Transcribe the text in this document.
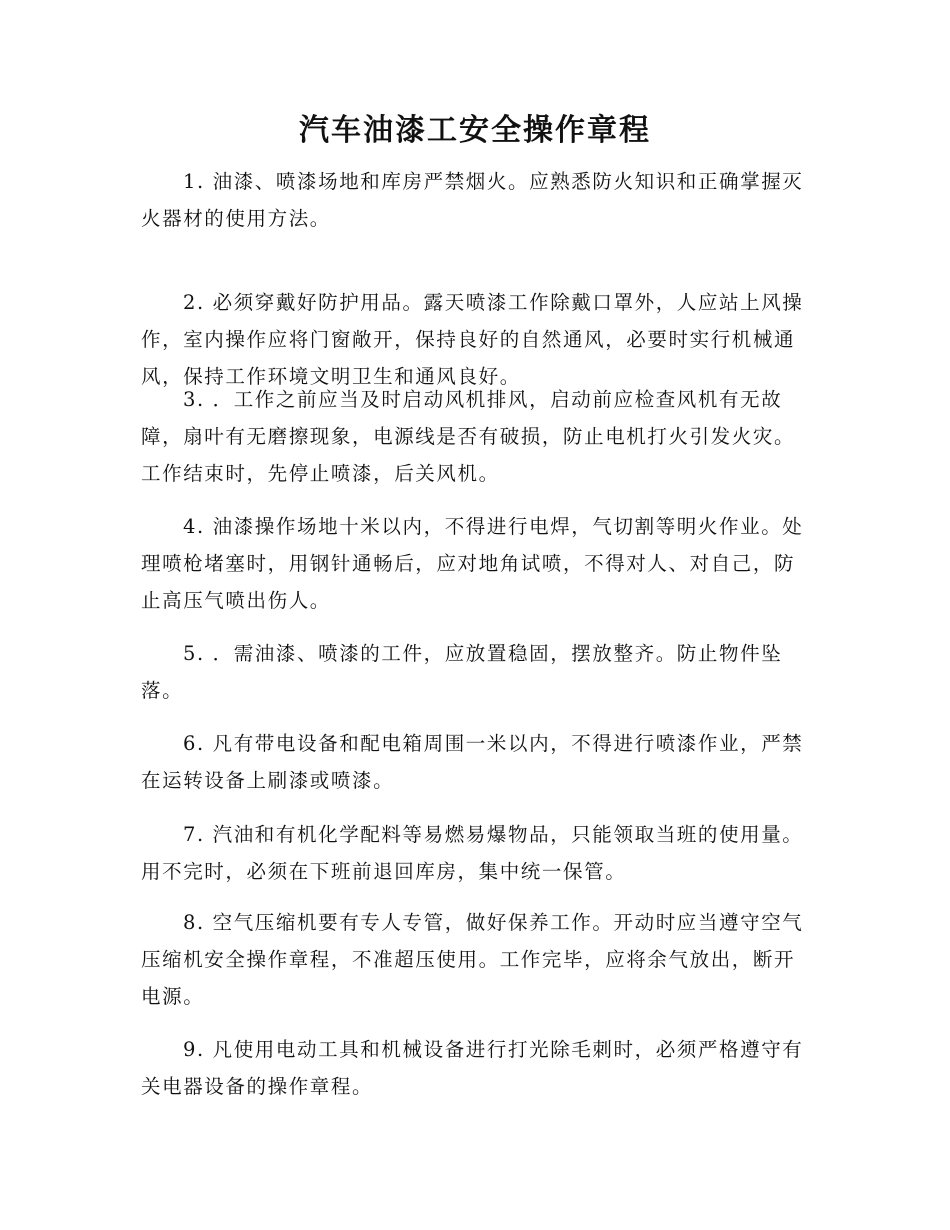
汽车油漆工安全操作章程

1. 油漆、喷漆场地和库房严禁烟火。应熟悉防火知识和正确掌握灭火器材的使用方法。

2. 必须穿戴好防护用品。露天喷漆工作除戴口罩外，人应站上风操作，室内操作应将门窗敞开，保持良好的自然通风，必要时实行机械通风，保持工作环境文明卫生和通风良好。

3. ．工作之前应当及时启动风机排风，启动前应检查风机有无故障，扇叶有无磨擦现象，电源线是否有破损，防止电机打火引发火灾。工作结束时，先停止喷漆，后关风机。

4. 油漆操作场地十米以内，不得进行电焊，气切割等明火作业。处理喷枪堵塞时，用钢针通畅后，应对地角试喷，不得对人、对自己，防止高压气喷出伤人。

5. ．需油漆、喷漆的工件，应放置稳固，摆放整齐。防止物件坠落。

6. 凡有带电设备和配电箱周围一米以内，不得进行喷漆作业，严禁在运转设备上刷漆或喷漆。

7. 汽油和有机化学配料等易燃易爆物品，只能领取当班的使用量。用不完时，必须在下班前退回库房，集中统一保管。

8. 空气压缩机要有专人专管，做好保养工作。开动时应当遵守空气压缩机安全操作章程，不准超压使用。工作完毕，应将余气放出，断开电源。

9. 凡使用电动工具和机械设备进行打光除毛刺时，必须严格遵守有关电器设备的操作章程。
